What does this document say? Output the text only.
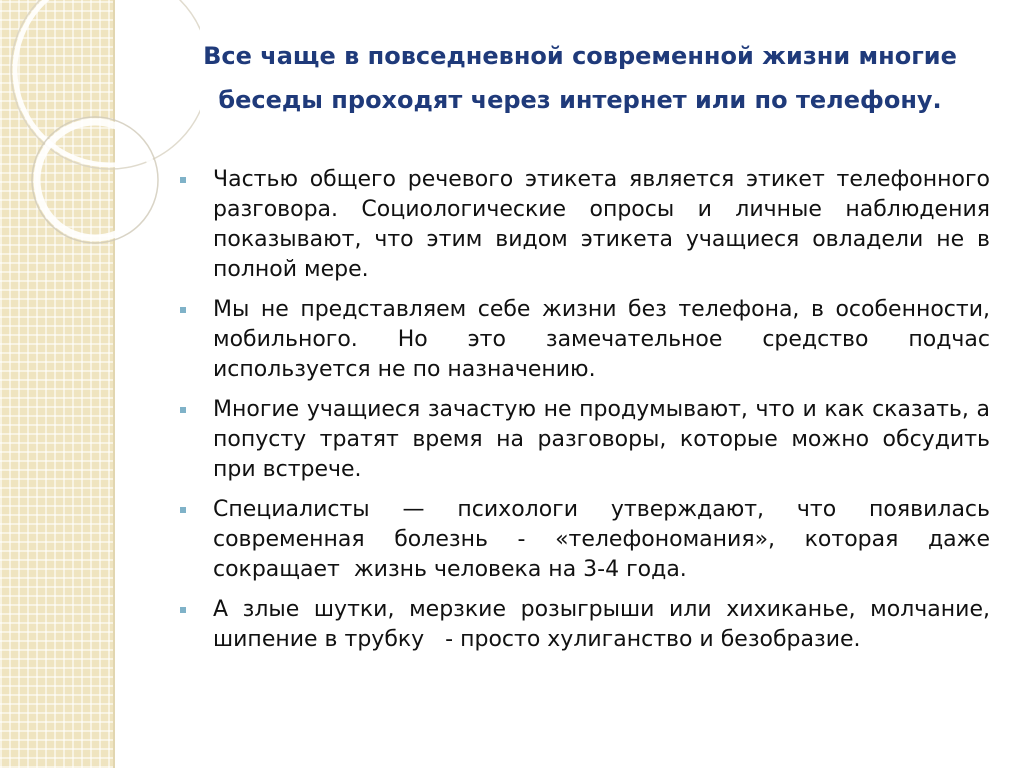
Все чаще в повседневной современной жизни многие беседы проходят через интернет или по телефону.
Частью общего речевого этикета является этикет телефонного разговора. Социологические опросы и личные наблюдения показывают, что этим видом этикета учащиеся овладели не в полной мере.
Мы не представляем себе жизни без телефона, в особенности, мобильного. Но это замечательное средство подчас используется не по назначению.
Многие учащиеся зачастую не продумывают, что и как сказать, а попусту тратят время на разговоры, которые можно обсудить при встрече.
Специалисты — психологи утверждают, что появилась современная болезнь - «телефономания», которая даже сокращает  жизнь человека на 3-4 года.
А злые шутки, мерзкие розыгрыши или хихиканье, молчание, шипение в трубку   - просто хулиганство и безобразие.
